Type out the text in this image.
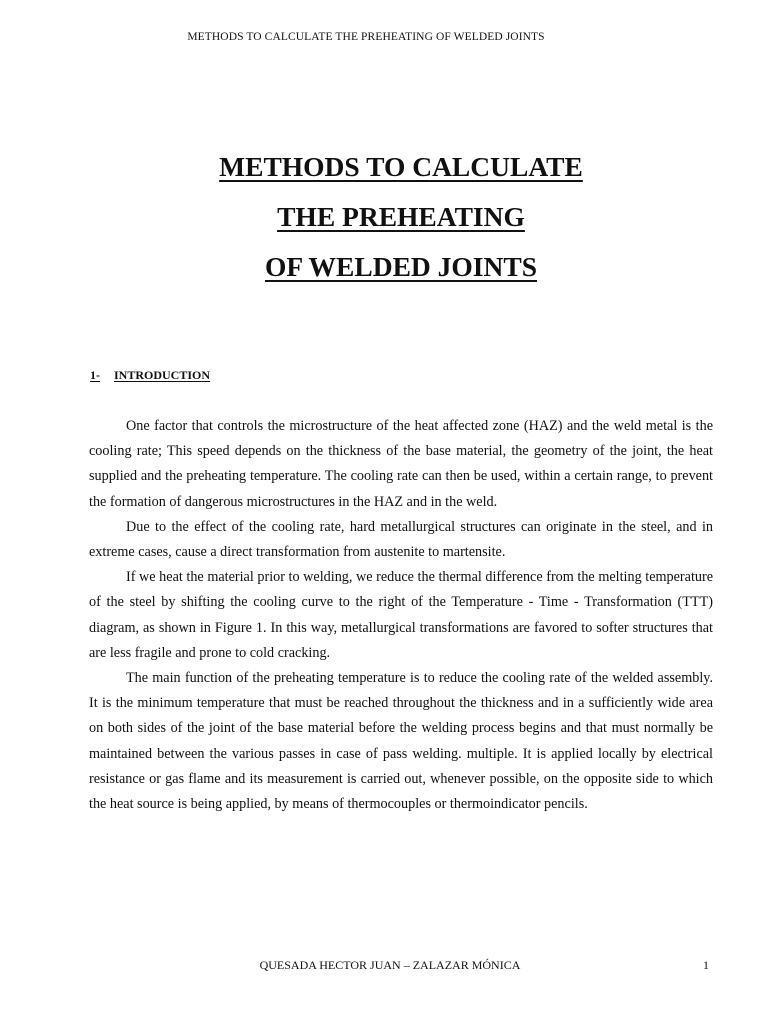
METHODS TO CALCULATE THE PREHEATING OF WELDED JOINTS
METHODS TO CALCULATE
THE PREHEATING
OF WELDED JOINTS
1- INTRODUCTION

One factor that controls the microstructure of the heat affected zone (HAZ) and the weld metal is the cooling rate; This speed depends on the thickness of the base material, the geometry of the joint, the heat supplied and the preheating temperature. The cooling rate can then be used, within a certain range, to prevent the formation of dangerous microstructures in the HAZ and in the weld.

Due to the effect of the cooling rate, hard metallurgical structures can originate in the steel, and in extreme cases, cause a direct transformation from austenite to martensite.

If we heat the material prior to welding, we reduce the thermal difference from the melting temperature of the steel by shifting the cooling curve to the right of the Temperature - Time - Transformation (TTT) diagram, as shown in Figure 1. In this way, metallurgical transformations are favored to softer structures that are less fragile and prone to cold cracking.

The main function of the preheating temperature is to reduce the cooling rate of the welded assembly. It is the minimum temperature that must be reached throughout the thickness and in a sufficiently wide area on both sides of the joint of the base material before the welding process begins and that must normally be maintained between the various passes in case of pass welding. multiple. It is applied locally by electrical resistance or gas flame and its measurement is carried out, whenever possible, on the opposite side to which the heat source is being applied, by means of thermocouples or thermoindicator pencils.

QUESADA HECTOR JUAN – ZALAZAR MÓNICA	1
